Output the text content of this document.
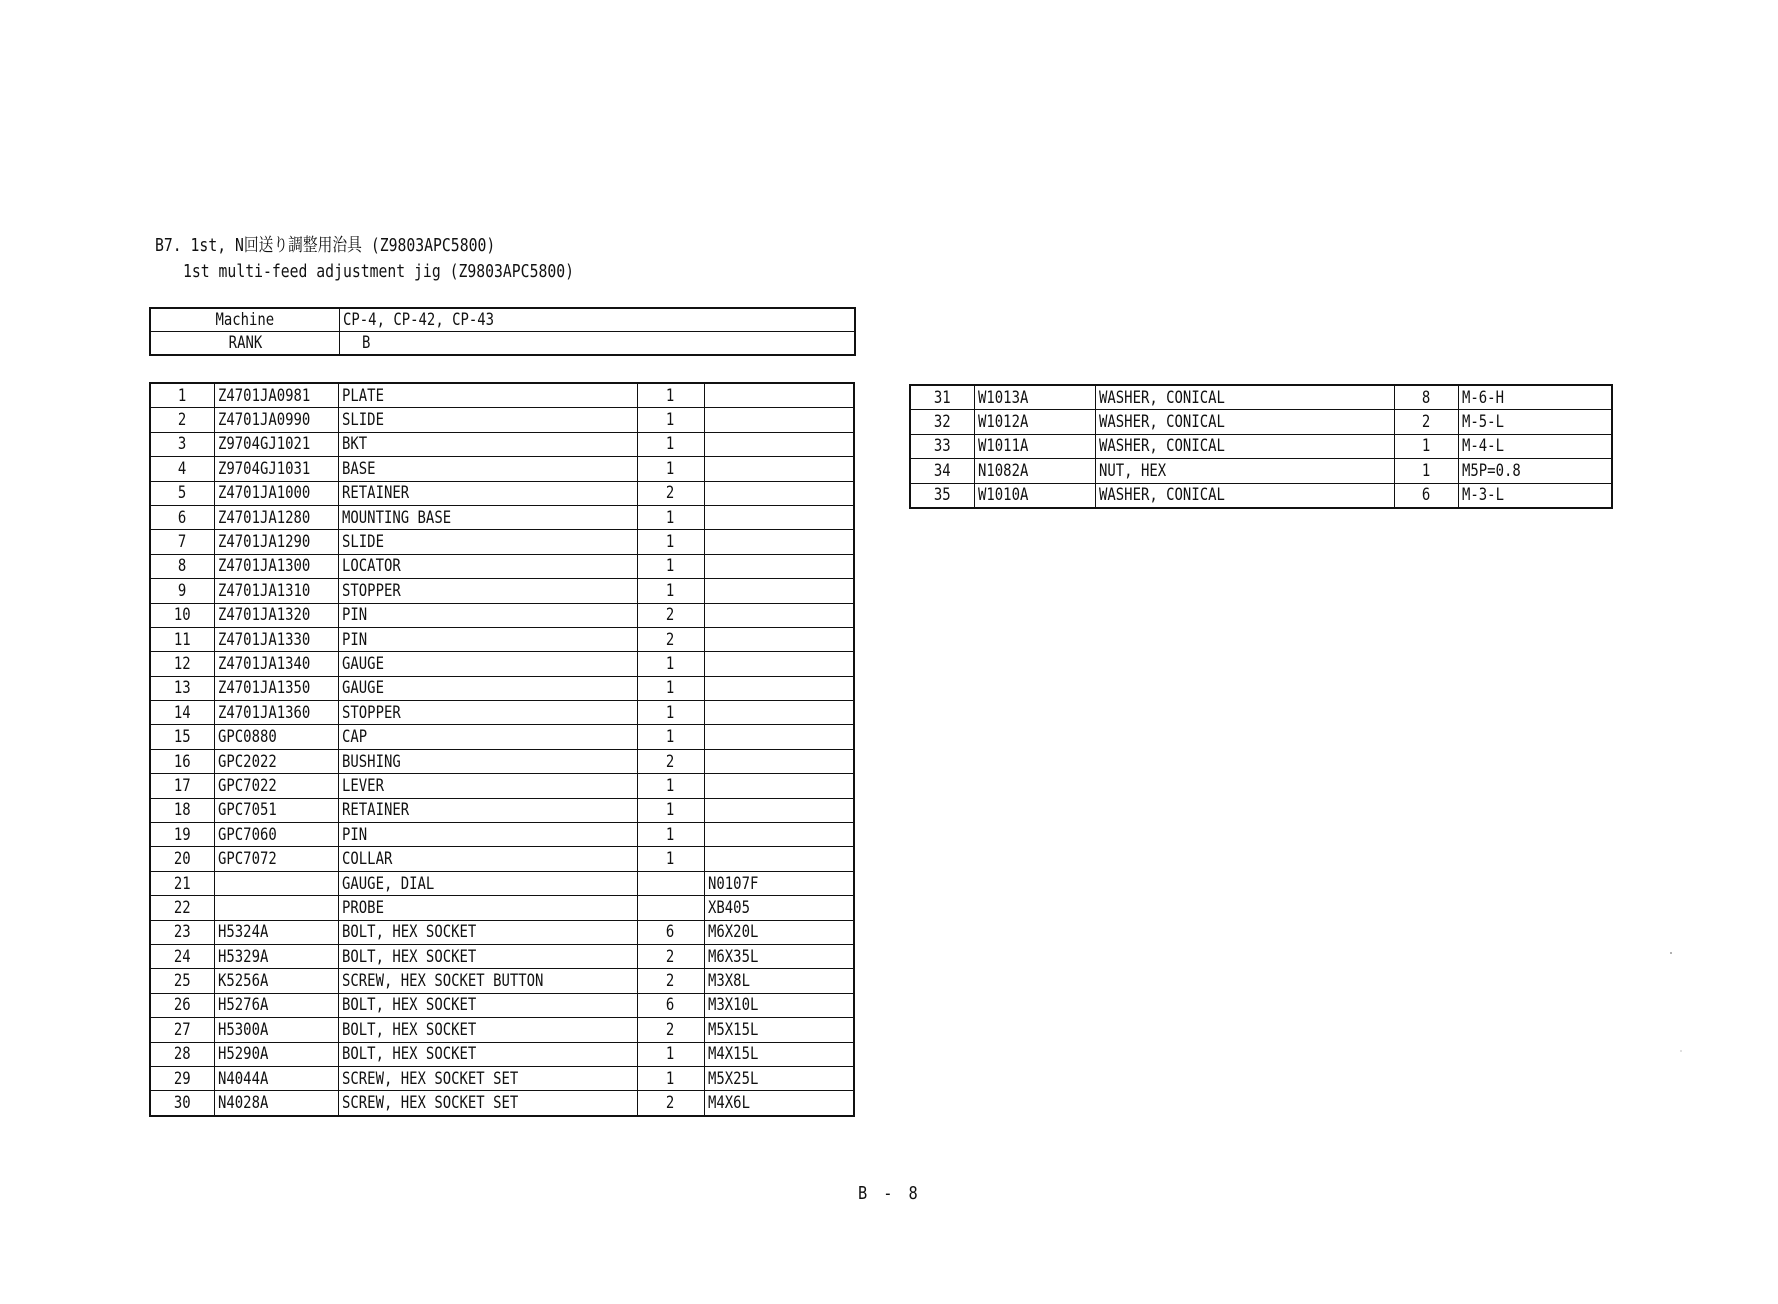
B7. 1st, N回送り調整用治具 (Z9803APC5800)
1st multi-feed adjustment jig (Z9803APC5800)
Machine	CP-4, CP-42, CP-43
RANK	B
1	Z4701JA0981	PLATE	1	
2	Z4701JA0990	SLIDE	1	
3	Z9704GJ1021	BKT	1	
4	Z9704GJ1031	BASE	1	
5	Z4701JA1000	RETAINER	2	
6	Z4701JA1280	MOUNTING BASE	1	
7	Z4701JA1290	SLIDE	1	
8	Z4701JA1300	LOCATOR	1	
9	Z4701JA1310	STOPPER	1	
10	Z4701JA1320	PIN	2	
11	Z4701JA1330	PIN	2	
12	Z4701JA1340	GAUGE	1	
13	Z4701JA1350	GAUGE	1	
14	Z4701JA1360	STOPPER	1	
15	GPC0880	CAP	1	
16	GPC2022	BUSHING	2	
17	GPC7022	LEVER	1	
18	GPC7051	RETAINER	1	
19	GPC7060	PIN	1	
20	GPC7072	COLLAR	1	
21		GAUGE, DIAL		N0107F
22		PROBE		XB405
23	H5324A	BOLT, HEX SOCKET	6	M6X20L
24	H5329A	BOLT, HEX SOCKET	2	M6X35L
25	K5256A	SCREW, HEX SOCKET BUTTON	2	M3X8L
26	H5276A	BOLT, HEX SOCKET	6	M3X10L
27	H5300A	BOLT, HEX SOCKET	2	M5X15L
28	H5290A	BOLT, HEX SOCKET	1	M4X15L
29	N4044A	SCREW, HEX SOCKET SET	1	M5X25L
30	N4028A	SCREW, HEX SOCKET SET	2	M4X6L
31	W1013A	WASHER, CONICAL	8	M-6-H
32	W1012A	WASHER, CONICAL	2	M-5-L
33	W1011A	WASHER, CONICAL	1	M-4-L
34	N1082A	NUT, HEX	1	M5P=0.8
35	W1010A	WASHER, CONICAL	6	M-3-L
B - 8
